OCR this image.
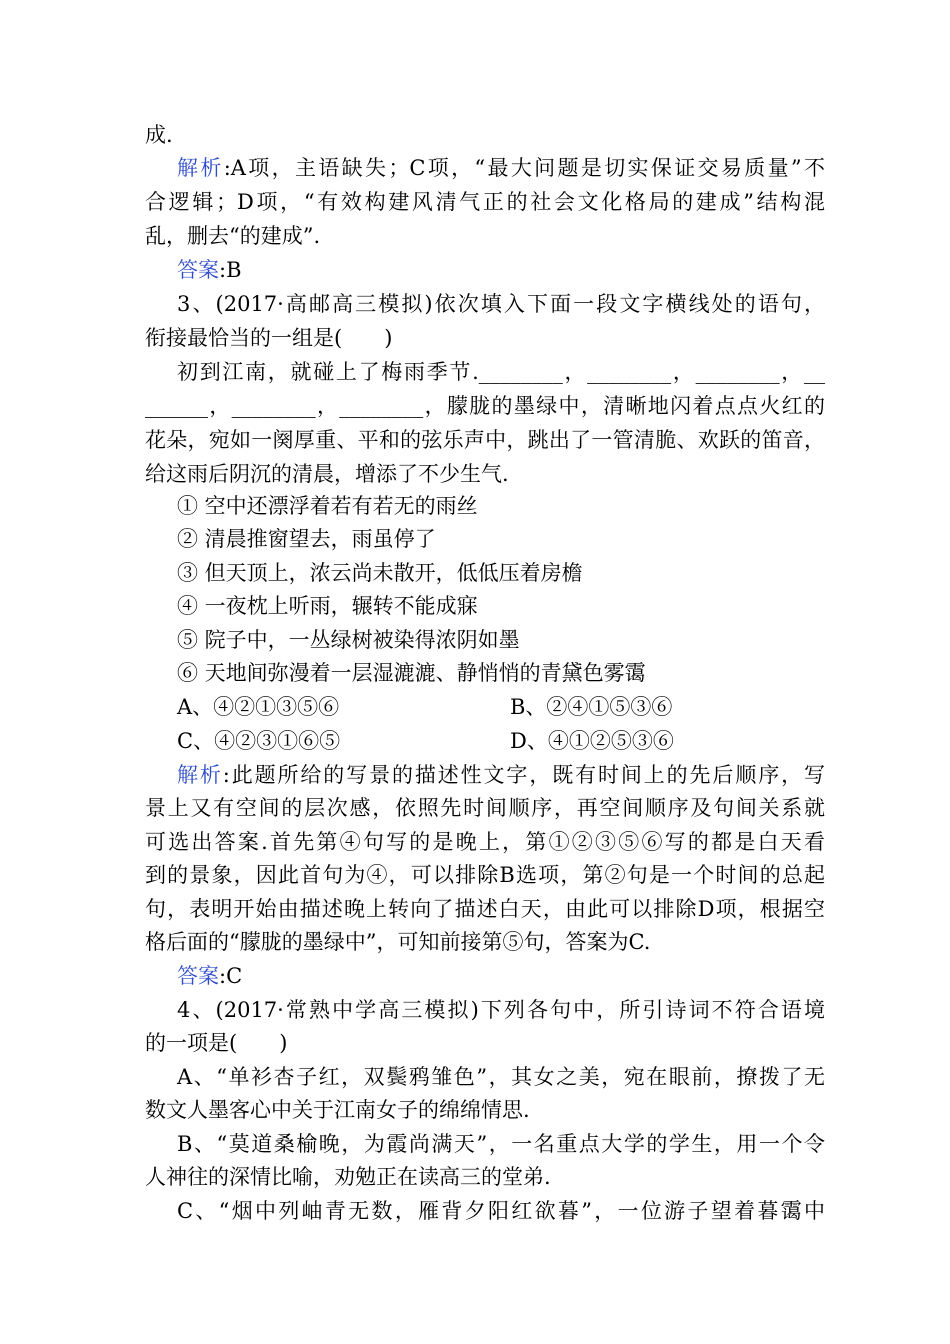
成.
解析:A项，主语缺失；C项，“最大问题是切实保证交易质量”不
合逻辑；D项，“有效构建风清气正的社会文化格局的建成”结构混
乱，删去“的建成”.
答案:B
3、(2017·高邮高三模拟)依次填入下面一段文字横线处的语句，
衔接最恰当的一组是(　　)
初到江南，就碰上了梅雨季节.________，________，________，__
______，________，________，朦胧的墨绿中，清晰地闪着点点火红的
花朵，宛如一阕厚重、平和的弦乐声中，跳出了一管清脆、欢跃的笛音，
给这雨后阴沉的清晨，增添了不少生气.
① 空中还漂浮着若有若无的雨丝
② 清晨推窗望去，雨虽停了
③ 但天顶上，浓云尚未散开，低低压着房檐
④ 一夜枕上听雨，辗转不能成寐
⑤ 院子中，一丛绿树被染得浓阴如墨
⑥ 天地间弥漫着一层湿漉漉、静悄悄的青黛色雾霭
A、④②①③⑤⑥	B、②④①⑤③⑥
C、④②③①⑥⑤	D、④①②⑤③⑥
解析:此题所给的写景的描述性文字，既有时间上的先后顺序，写
景上又有空间的层次感，依照先时间顺序，再空间顺序及句间关系就
可选出答案.首先第④句写的是晚上，第①②③⑤⑥写的都是白天看
到的景象，因此首句为④，可以排除B选项，第②句是一个时间的总起
句，表明开始由描述晚上转向了描述白天，由此可以排除D项，根据空
格后面的“朦胧的墨绿中”，可知前接第⑤句，答案为C.
答案:C
4、(2017·常熟中学高三模拟)下列各句中，所引诗词不符合语境
的一项是(　　)
A、“单衫杏子红，双鬓鸦雏色”，其女之美，宛在眼前，撩拨了无
数文人墨客心中关于江南女子的绵绵情思.
B、“莫道桑榆晚，为霞尚满天”，一名重点大学的学生，用一个令
人神往的深情比喻，劝勉正在读高三的堂弟.
C、“烟中列岫青无数，雁背夕阳红欲暮”，一位游子望着暮霭中
